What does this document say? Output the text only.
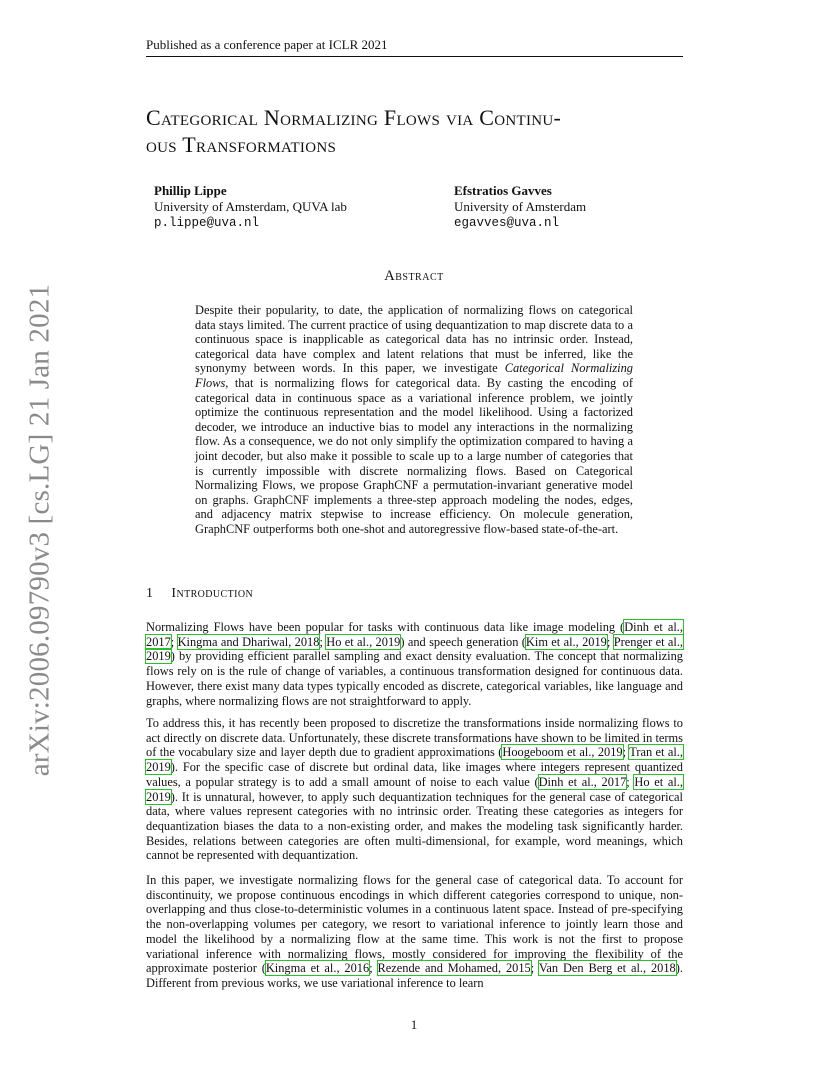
arXiv:2006.09790v3 [cs.LG] 21 Jan 2021
Published as a conference paper at ICLR 2021
Categorical Normalizing Flows via Continu-
ous Transformations
Phillip Lippe
University of Amsterdam, QUVA lab
p.lippe@uva.nl
Efstratios Gavves
University of Amsterdam
egavves@uva.nl
Abstract
Despite their popularity, to date, the application of normalizing flows on categorical data stays limited. The current practice of using dequantization to map discrete data to a continuous space is inapplicable as categorical data has no intrinsic order. Instead, categorical data have complex and latent relations that must be inferred, like the synonymy between words. In this paper, we investigate Categorical Normalizing Flows, that is normalizing flows for categorical data. By casting the encoding of categorical data in continuous space as a variational inference problem, we jointly optimize the continuous representation and the model likelihood. Using a factorized decoder, we introduce an inductive bias to model any interactions in the normalizing flow. As a consequence, we do not only simplify the optimization compared to having a joint decoder, but also make it possible to scale up to a large number of categories that is currently impossible with discrete normalizing flows. Based on Categorical Normalizing Flows, we propose GraphCNF a permutation-invariant generative model on graphs. GraphCNF implements a three-step approach modeling the nodes, edges, and adjacency matrix stepwise to increase efficiency. On molecule generation, GraphCNF outperforms both one-shot and autoregressive flow-based state-of-the-art.
1 Introduction
Normalizing Flows have been popular for tasks with continuous data like image modeling (Dinh et al., 2017; Kingma and Dhariwal, 2018; Ho et al., 2019) and speech generation (Kim et al., 2019; Prenger et al., 2019) by providing efficient parallel sampling and exact density evaluation. The concept that normalizing flows rely on is the rule of change of variables, a continuous transformation designed for continuous data. However, there exist many data types typically encoded as discrete, categorical variables, like language and graphs, where normalizing flows are not straightforward to apply.
To address this, it has recently been proposed to discretize the transformations inside normalizing flows to act directly on discrete data. Unfortunately, these discrete transformations have shown to be limited in terms of the vocabulary size and layer depth due to gradient approximations (Hoogeboom et al., 2019; Tran et al., 2019). For the specific case of discrete but ordinal data, like images where integers represent quantized values, a popular strategy is to add a small amount of noise to each value (Dinh et al., 2017; Ho et al., 2019). It is unnatural, however, to apply such dequantization techniques for the general case of categorical data, where values represent categories with no intrinsic order. Treating these categories as integers for dequantization biases the data to a non-existing order, and makes the modeling task significantly harder. Besides, relations between categories are often multi-dimensional, for example, word meanings, which cannot be represented with dequantization.
In this paper, we investigate normalizing flows for the general case of categorical data. To account for discontinuity, we propose continuous encodings in which different categories correspond to unique, non-overlapping and thus close-to-deterministic volumes in a continuous latent space. Instead of pre-specifying the non-overlapping volumes per category, we resort to variational inference to jointly learn those and model the likelihood by a normalizing flow at the same time. This work is not the first to propose variational inference with normalizing flows, mostly considered for improving the flexibility of the approximate posterior (Kingma et al., 2016; Rezende and Mohamed, 2015; Van Den Berg et al., 2018). Different from previous works, we use variational inference to learn
1
